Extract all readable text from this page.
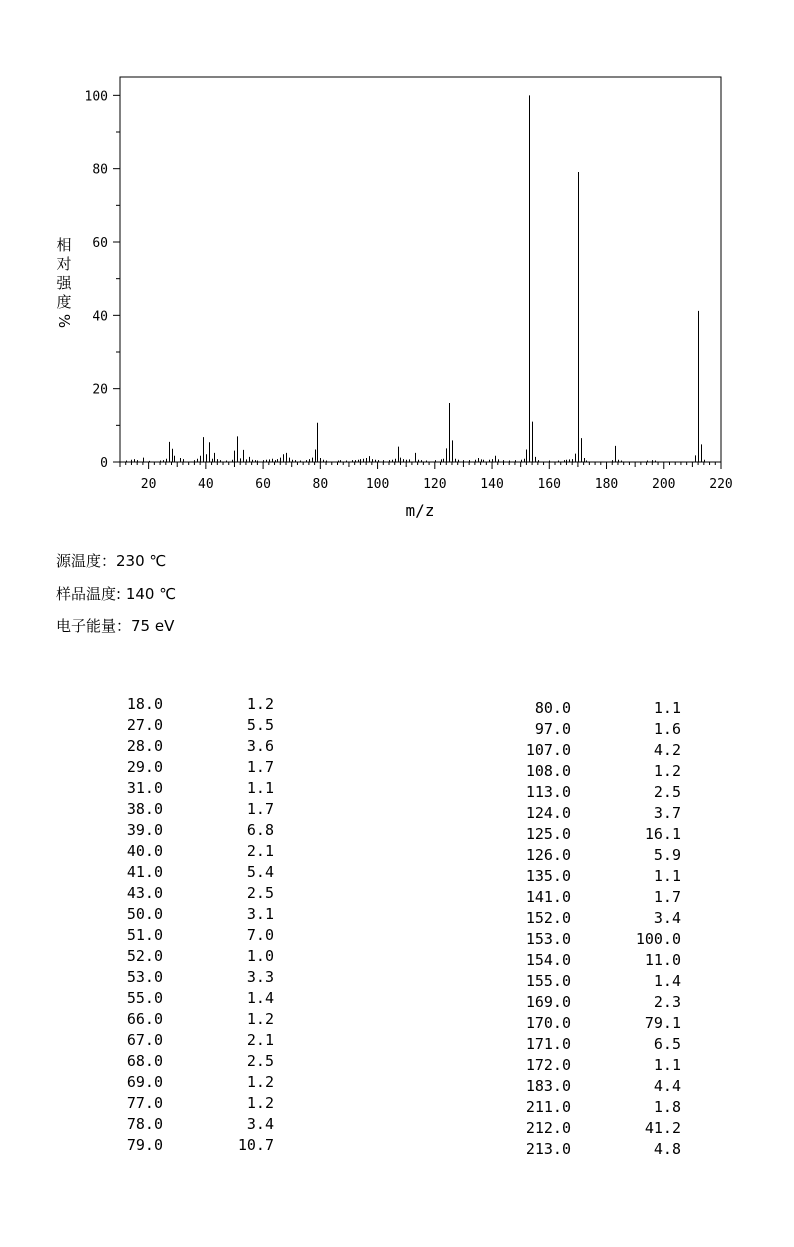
20	40	60	80	100	120	140	160	180	200	220
0
20
40
60
80
100
m/z
相
对
强
度
%
源温度：230 ℃
样品温度: 140 ℃
电子能量：75 eV
18.0	1.2
27.0	5.5
28.0	3.6
29.0	1.7
31.0	1.1
38.0	1.7
39.0	6.8
40.0	2.1
41.0	5.4
43.0	2.5
50.0	3.1
51.0	7.0
52.0	1.0
53.0	3.3
55.0	1.4
66.0	1.2
67.0	2.1
68.0	2.5
69.0	1.2
77.0	1.2
78.0	3.4
79.0	10.7
80.0	1.1
97.0	1.6
107.0	4.2
108.0	1.2
113.0	2.5
124.0	3.7
125.0	16.1
126.0	5.9
135.0	1.1
141.0	1.7
152.0	3.4
153.0	100.0
154.0	11.0
155.0	1.4
169.0	2.3
170.0	79.1
171.0	6.5
172.0	1.1
183.0	4.4
211.0	1.8
212.0	41.2
213.0	4.8
